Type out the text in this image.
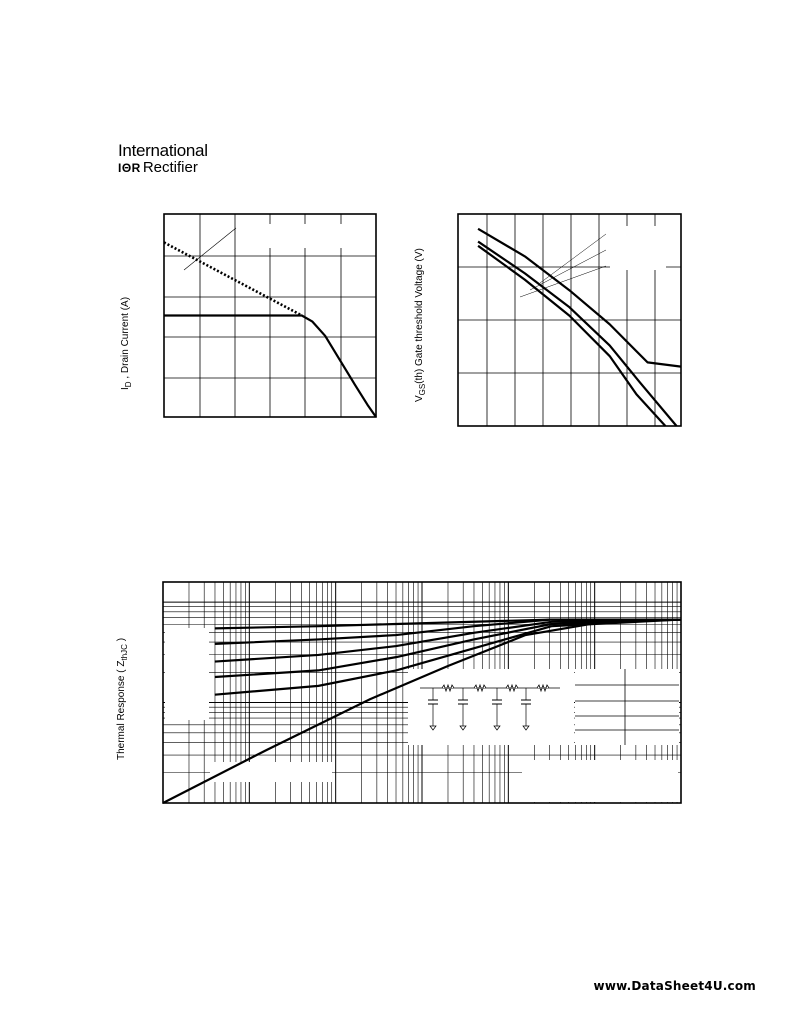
International
IΘR Rectifier
$I_D$ , Drain Current (A)
$V_{GS}(th)$ Gate threshold Voltage (V)
Thermal Response ( $Z_{thJC}$ )
www.DataSheet4U.com
